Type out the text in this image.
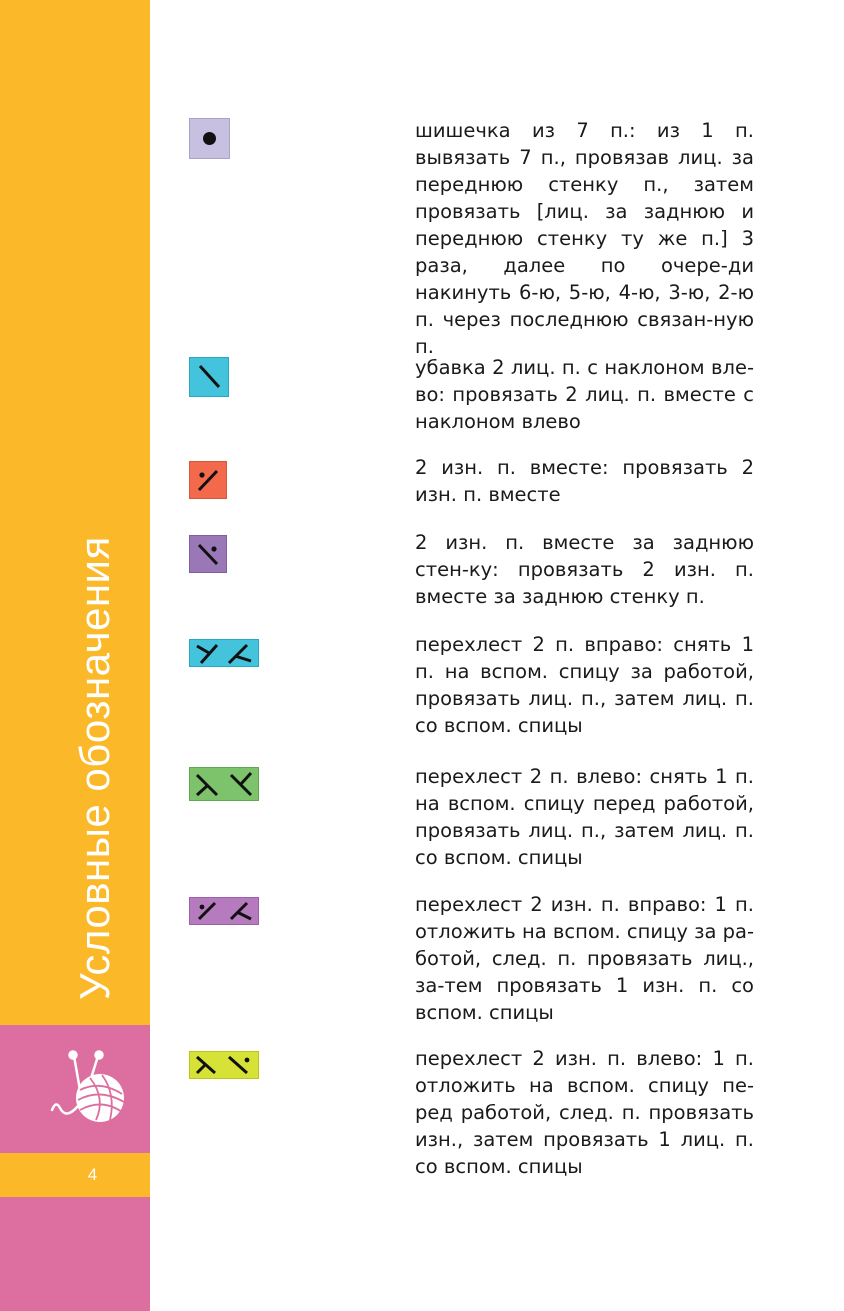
Условные обозначения
4
шишечка из 7 п.: из 1 п. вывязать 7 п., провязав лиц. за переднюю стенку п., затем провязать [лиц. за заднюю и переднюю стенку ту же п.] 3 раза, далее по очере-ди накинуть 6-ю, 5-ю, 4-ю, 3-ю, 2-ю п. через последнюю связан-ную п.
убавка 2 лиц. п. с наклоном вле-во: провязать 2 лиц. п. вместе с наклоном влево
2 изн. п. вместе: провязать 2 изн. п. вместе
2 изн. п. вместе за заднюю стен-ку: провязать 2 изн. п. вместе за заднюю стенку п.
перехлест 2 п. вправо: снять 1 п. на вспом. спицу за работой, провязать лиц. п., затем лиц. п. со вспом. спицы
перехлест 2 п. влево: снять 1 п. на вспом. спицу перед работой, провязать лиц. п., затем лиц. п. со вспом. спицы
перехлест 2 изн. п. вправо: 1 п. отложить на вспом. спицу за ра-ботой, след. п. провязать лиц., за-тем провязать 1 изн. п. со вспом. спицы
перехлест 2 изн. п. влево: 1 п. отложить на вспом. спицу пе-ред работой, след. п. провязать изн., затем провязать 1 лиц. п. со вспом. спицы
